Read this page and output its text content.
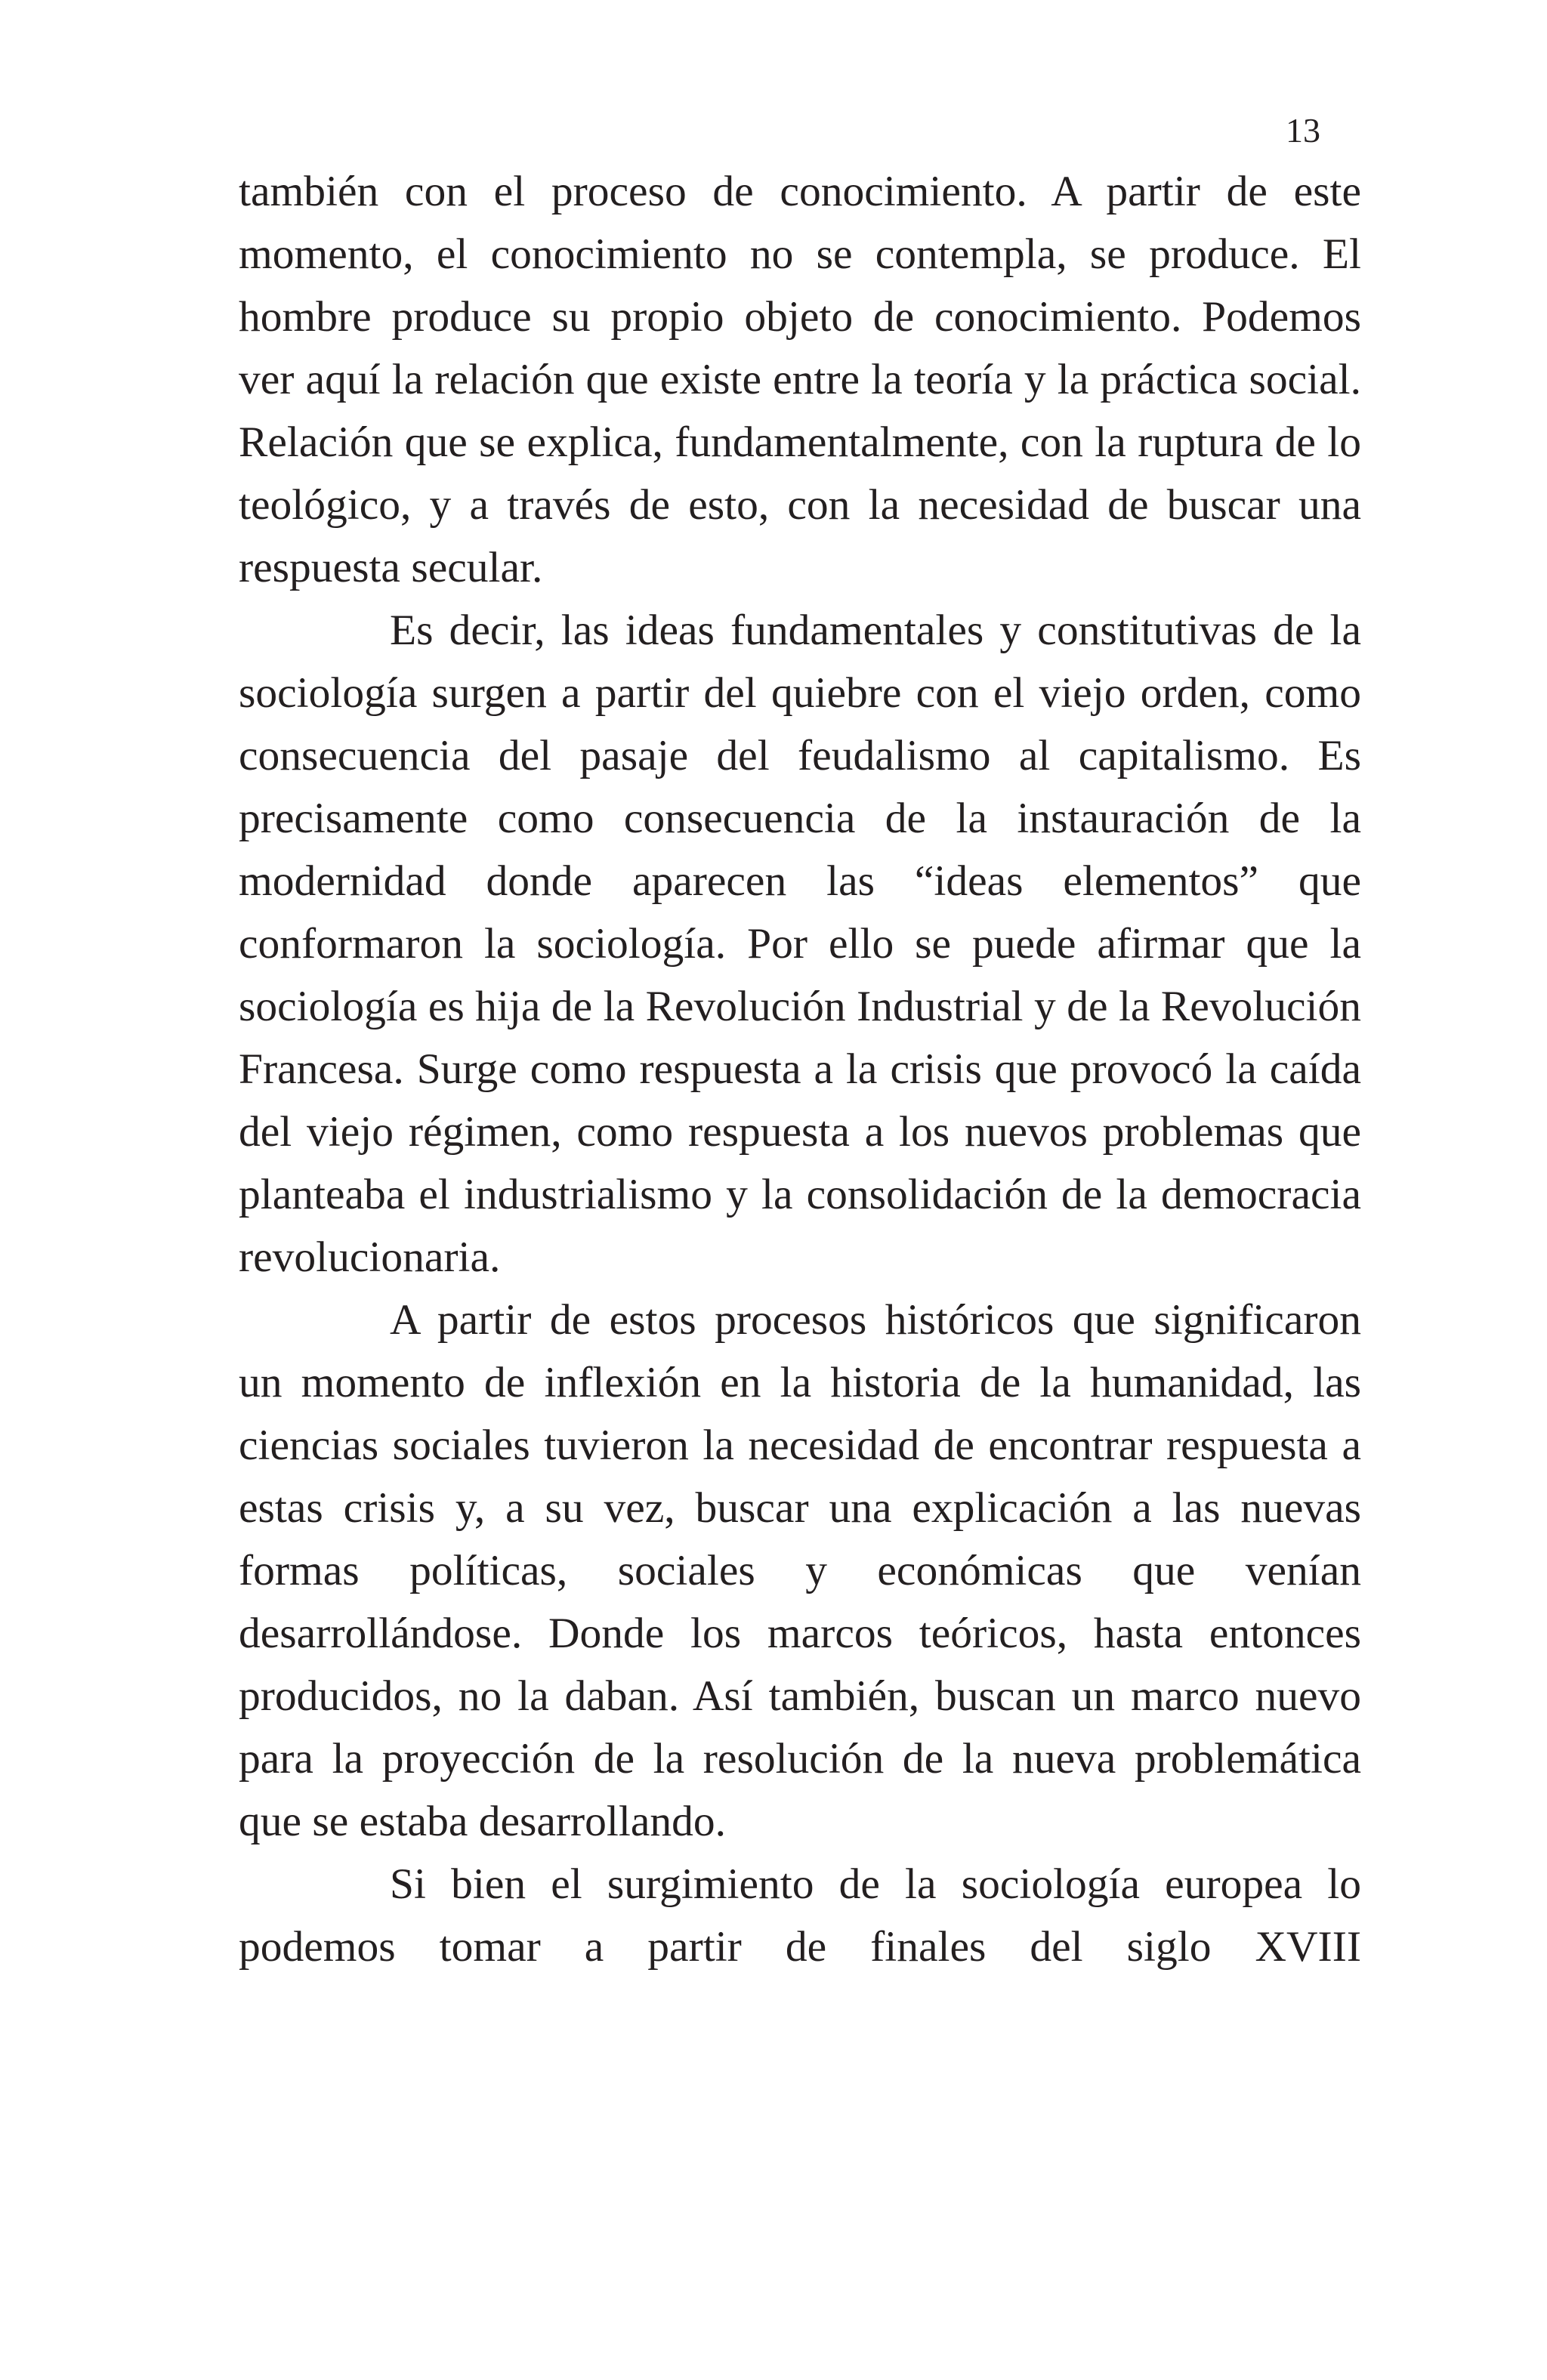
13

también con el proceso de conocimiento. A partir de este momento, el conocimiento no se contempla, se produce. El hombre produce su propio objeto de conocimiento. Podemos ver aquí la relación que existe entre la teoría y la práctica social. Relación que se explica, fundamentalmente, con la ruptura de lo teológico, y a través de esto, con la necesidad de buscar una respuesta secular.

Es decir, las ideas fundamentales y constitutivas de la sociología surgen a partir del quiebre con el viejo orden, como consecuencia del pasaje del feudalismo al capitalismo. Es precisamente como consecuencia de la instauración de la modernidad donde aparecen las “ideas elementos” que conformaron la sociología. Por ello se puede afirmar que la sociología es hija de la Revolución Industrial y de la Revolución Francesa. Surge como respuesta a la crisis que provocó la caída del viejo régimen, como respuesta a los nuevos problemas que planteaba el industrialismo y la consolidación de la democracia revolucionaria.

A partir de estos procesos históricos que significaron un momento de inflexión en la historia de la humanidad, las ciencias sociales tuvieron la necesidad de encontrar respuesta a estas crisis y, a su vez, buscar una explicación a las nuevas formas políticas, sociales y económicas que venían desarrollándose. Donde los marcos teóricos, hasta entonces producidos, no la daban. Así también, buscan un marco nuevo para la proyección de la resolución de la nueva problemática que se estaba desarrollando.

Si bien el surgimiento de la sociología europea lo podemos tomar a partir de finales del siglo XVIII
